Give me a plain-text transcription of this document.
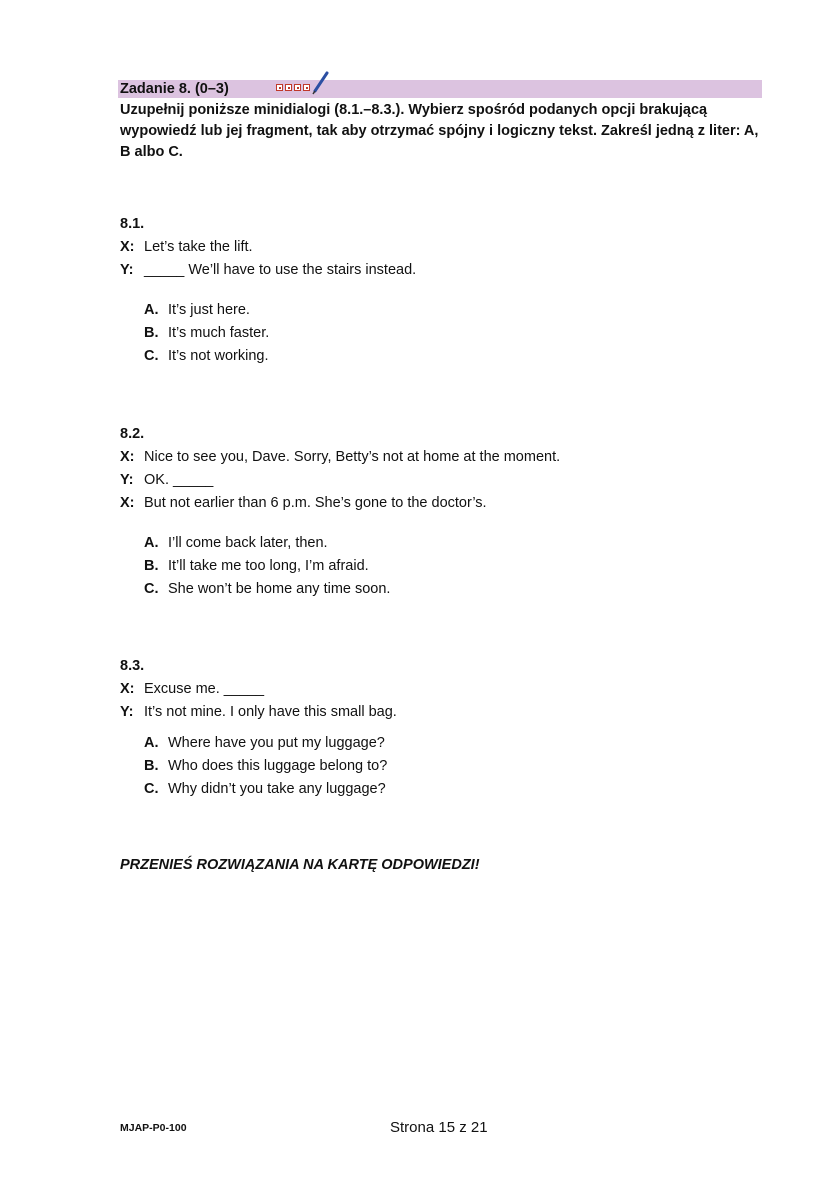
Zadanie 8. (0–3)
Uzupełnij poniższe minidialogi (8.1.–8.3.). Wybierz spośród podanych opcji brakującą wypowiedź lub jej fragment, tak aby otrzymać spójny i logiczny tekst. Zakreśl jedną z liter: A, B albo C.
8.1.
X: Let’s take the lift.
Y: _____ We’ll have to use the stairs instead.
A. It’s just here.
B. It’s much faster.
C. It’s not working.
8.2.
X: Nice to see you, Dave. Sorry, Betty’s not at home at the moment.
Y: OK. _____
X: But not earlier than 6 p.m. She’s gone to the doctor’s.
A. I’ll come back later, then.
B. It’ll take me too long, I’m afraid.
C. She won’t be home any time soon.
8.3.
X: Excuse me. _____
Y: It’s not mine. I only have this small bag.
A. Where have you put my luggage?
B. Who does this luggage belong to?
C. Why didn’t you take any luggage?
PRZENIEŚ ROZWIĄZANIA NA KARTĘ ODPOWIEDZI!
MJAP-P0-100	Strona 15 z 21
